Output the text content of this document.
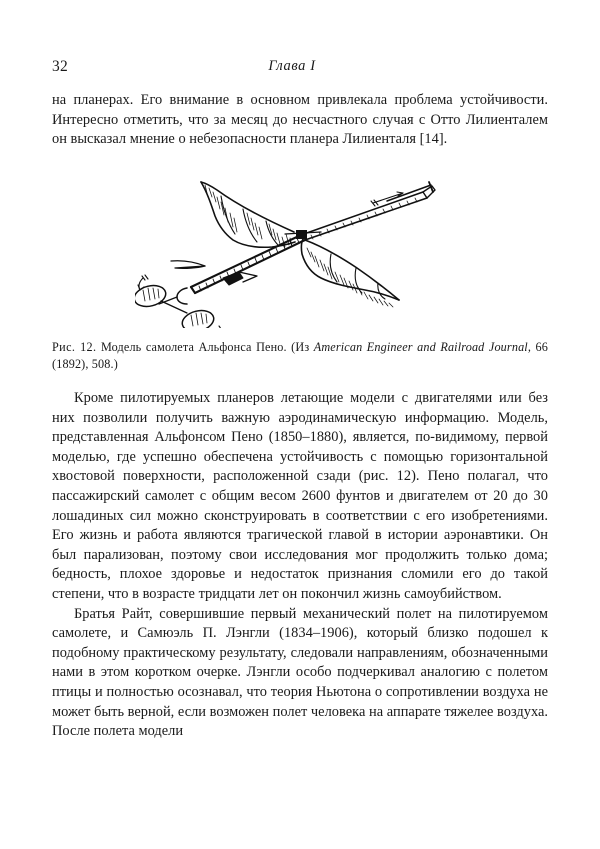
32	Глава I

на планерах. Его внимание в основном привлекала проблема устойчивости. Интересно отметить, что за месяц до несчастного случая с Отто Лилиенталем он высказал мнение о небезопасности планера Лилиенталя [14].

Рис. 12. Модель самолета Альфонса Пено. (Из American Engineer and Railroad Journal, 66 (1892), 508.)

Кроме пилотируемых планеров летающие модели с двигателями или без них позволили получить важную аэродинамическую информацию. Модель, представленная Альфонсом Пено (1850–1880), является, по-видимому, первой моделью, где успешно обеспечена устойчивость с помощью горизонтальной хвостовой поверхности, расположенной сзади (рис. 12). Пено полагал, что пассажирский самолет с общим весом 2600 фунтов и двигателем от 20 до 30 лошадиных сил можно сконструировать в соответствии с его изобретениями. Его жизнь и работа являются трагической главой в истории аэронавтики. Он был парализован, поэтому свои исследования мог продолжить только дома; бедность, плохое здоровье и недостаток признания сломили его до такой степени, что в возрасте тридцати лет он покончил жизнь самоубийством.

Братья Райт, совершившие первый механический полет на пилотируемом самолете, и Самюэль П. Лэнгли (1834–1906), который близко подошел к подобному практическому результату, следовали направлениям, обозначенными нами в этом коротком очерке. Лэнгли особо подчеркивал аналогию с полетом птицы и полностью осознавал, что теория Ньютона о сопротивлении воздуха не может быть верной, если возможен полет человека на аппарате тяжелее воздуха. После полета модели
